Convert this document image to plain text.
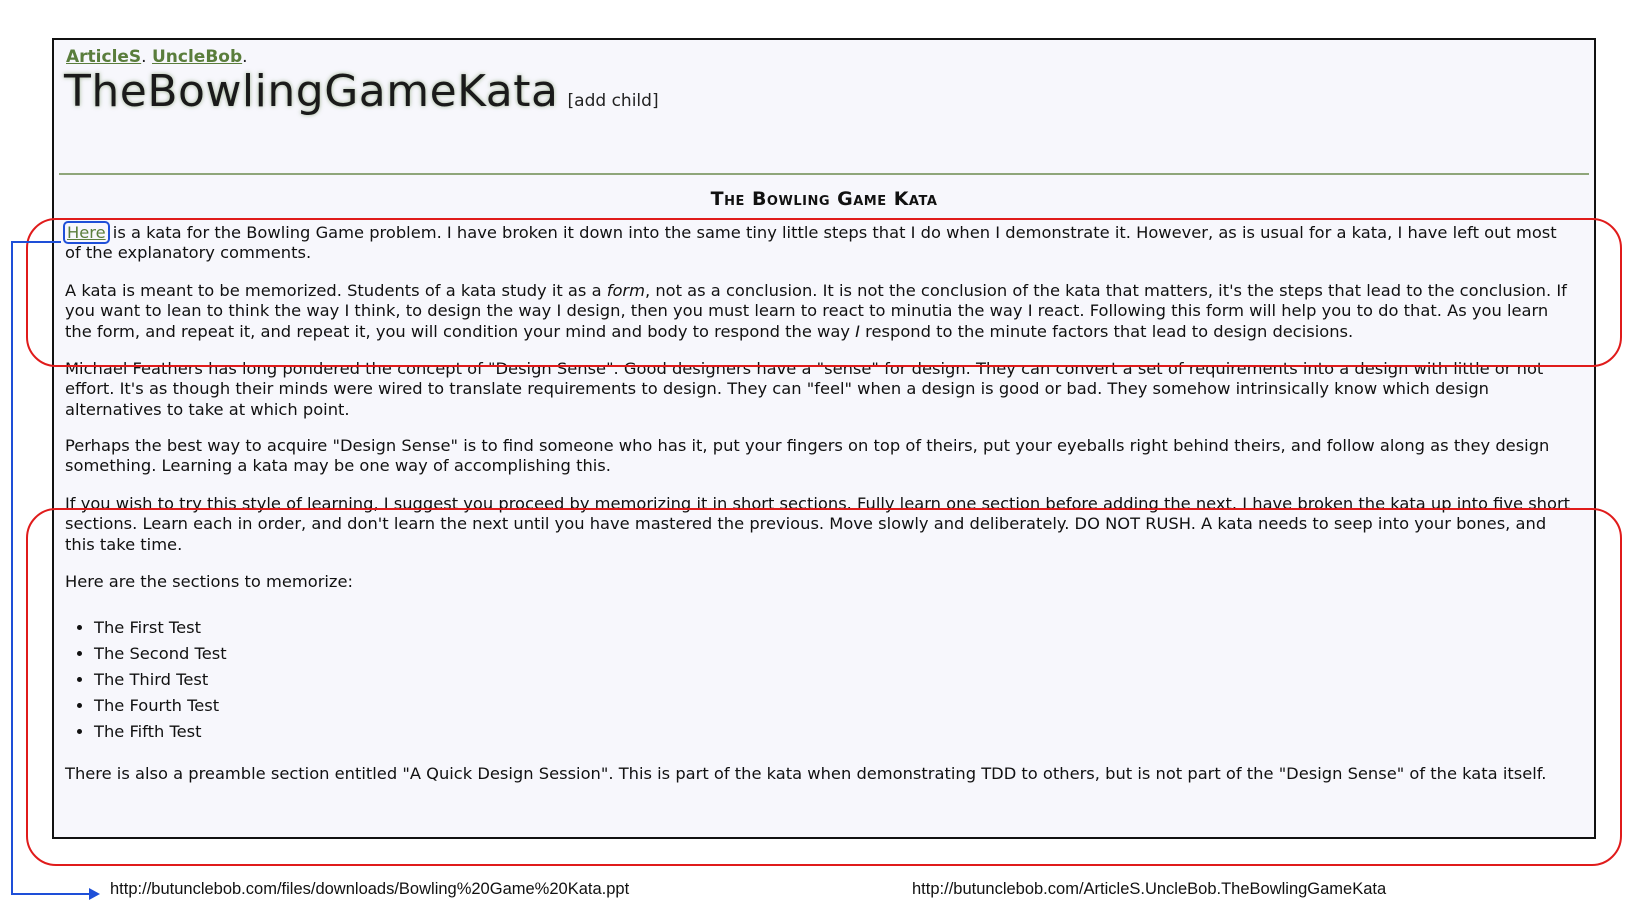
ArticleS. UncleBob.
TheBowlingGameKata [add child]
The Bowling Game Kata

Here is a kata for the Bowling Game problem. I have broken it down into the same tiny little steps that I do when I demonstrate it. However, as is usual for a kata, I have left out most of the explanatory comments.

A kata is meant to be memorized. Students of a kata study it as a form, not as a conclusion. It is not the conclusion of the kata that matters, it's the steps that lead to the conclusion. If you want to lean to think the way I think, to design the way I design, then you must learn to react to minutia the way I react. Following this form will help you to do that. As you learn the form, and repeat it, and repeat it, you will condition your mind and body to respond the way I respond to the minute factors that lead to design decisions.

Michael Feathers has long pondered the concept of "Design Sense". Good designers have a "sense" for design. They can convert a set of requirements into a design with little or not effort. It's as though their minds were wired to translate requirements to design. They can "feel" when a design is good or bad. They somehow intrinsically know which design alternatives to take at which point.

Perhaps the best way to acquire "Design Sense" is to find someone who has it, put your fingers on top of theirs, put your eyeballs right behind theirs, and follow along as they design something. Learning a kata may be one way of accomplishing this.

If you wish to try this style of learning, I suggest you proceed by memorizing it in short sections. Fully learn one section before adding the next. I have broken the kata up into five short sections. Learn each in order, and don't learn the next until you have mastered the previous. Move slowly and deliberately. DO NOT RUSH. A kata needs to seep into your bones, and this take time.

Here are the sections to memorize:

• The First Test
• The Second Test
• The Third Test
• The Fourth Test
• The Fifth Test

There is also a preamble section entitled "A Quick Design Session". This is part of the kata when demonstrating TDD to others, but is not part of the "Design Sense" of the kata itself.

http://butunclebob.com/files/downloads/Bowling%20Game%20Kata.ppt	http://butunclebob.com/ArticleS.UncleBob.TheBowlingGameKata
